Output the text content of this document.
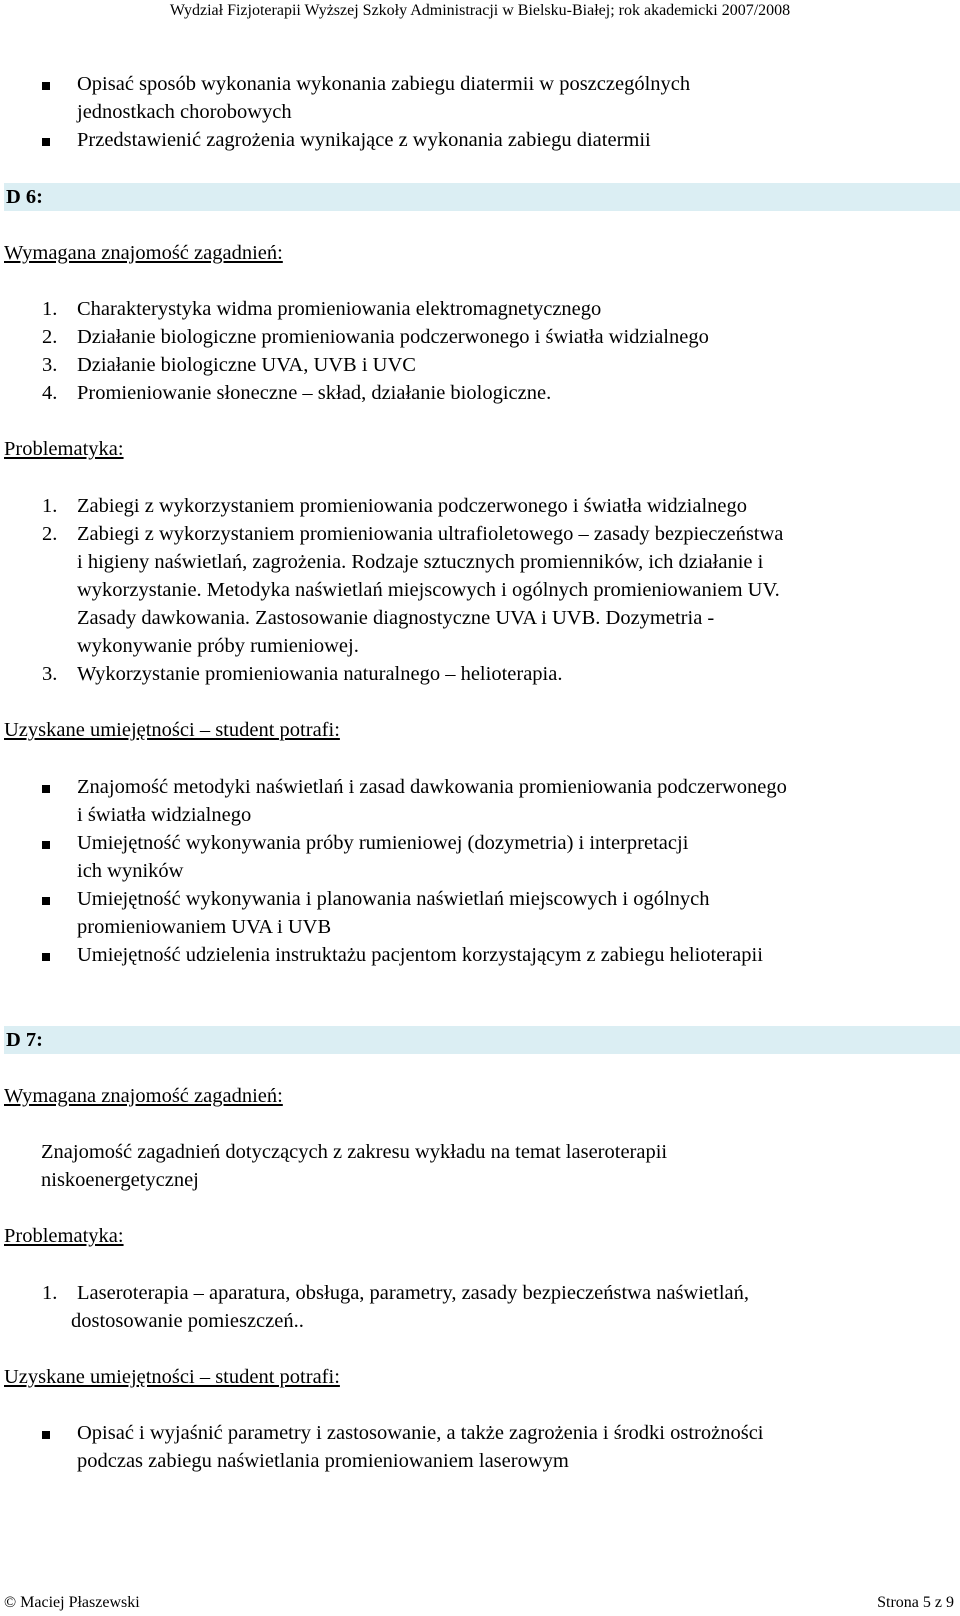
Wydział Fizjoterapii Wyższej Szkoły Administracji w Bielsku-Białej; rok akademicki 2007/2008
Opisać sposób wykonania wykonania zabiegu diatermii w poszczególnych
jednostkach chorobowych
Przedstawienić zagrożenia wynikające z wykonania zabiegu diatermii
D 6:
Wymagana znajomość zagadnień:
1. Charakterystyka widma promieniowania elektromagnetycznego
2. Działanie biologiczne promieniowania podczerwonego i światła widzialnego
3. Działanie biologiczne UVA, UVB i UVC
4. Promieniowanie słoneczne – skład, działanie biologiczne.
Problematyka:
1. Zabiegi z wykorzystaniem promieniowania podczerwonego i światła widzialnego
2. Zabiegi z wykorzystaniem promieniowania ultrafioletowego – zasady bezpieczeństwa
i higieny naświetlań, zagrożenia. Rodzaje sztucznych promienników, ich działanie i
wykorzystanie. Metodyka naświetlań miejscowych i ogólnych promieniowaniem UV.
Zasady dawkowania. Zastosowanie diagnostyczne UVA i UVB. Dozymetria -
wykonywanie próby rumieniowej.
3. Wykorzystanie promieniowania naturalnego – helioterapia.
Uzyskane umiejętności – student potrafi:
Znajomość metodyki naświetlań i zasad dawkowania promieniowania podczerwonego
i światła widzialnego
Umiejętność wykonywania próby rumieniowej (dozymetria) i interpretacji
ich wyników
Umiejętność wykonywania i planowania naświetlań miejscowych i ogólnych
promieniowaniem UVA i UVB
Umiejętność udzielenia instruktażu pacjentom korzystającym z zabiegu helioterapii
D 7:
Wymagana znajomość zagadnień:
Znajomość zagadnień dotyczących z zakresu wykładu na temat laseroterapii
niskoenergetycznej
Problematyka:
1. Laseroterapia – aparatura, obsługa, parametry, zasady bezpieczeństwa naświetlań,
dostosowanie pomieszczeń..
Uzyskane umiejętności – student potrafi:
Opisać i wyjaśnić parametry i zastosowanie, a także zagrożenia i środki ostrożności
podczas zabiegu naświetlania promieniowaniem laserowym
© Maciej Płaszewski	Strona 5 z 9
